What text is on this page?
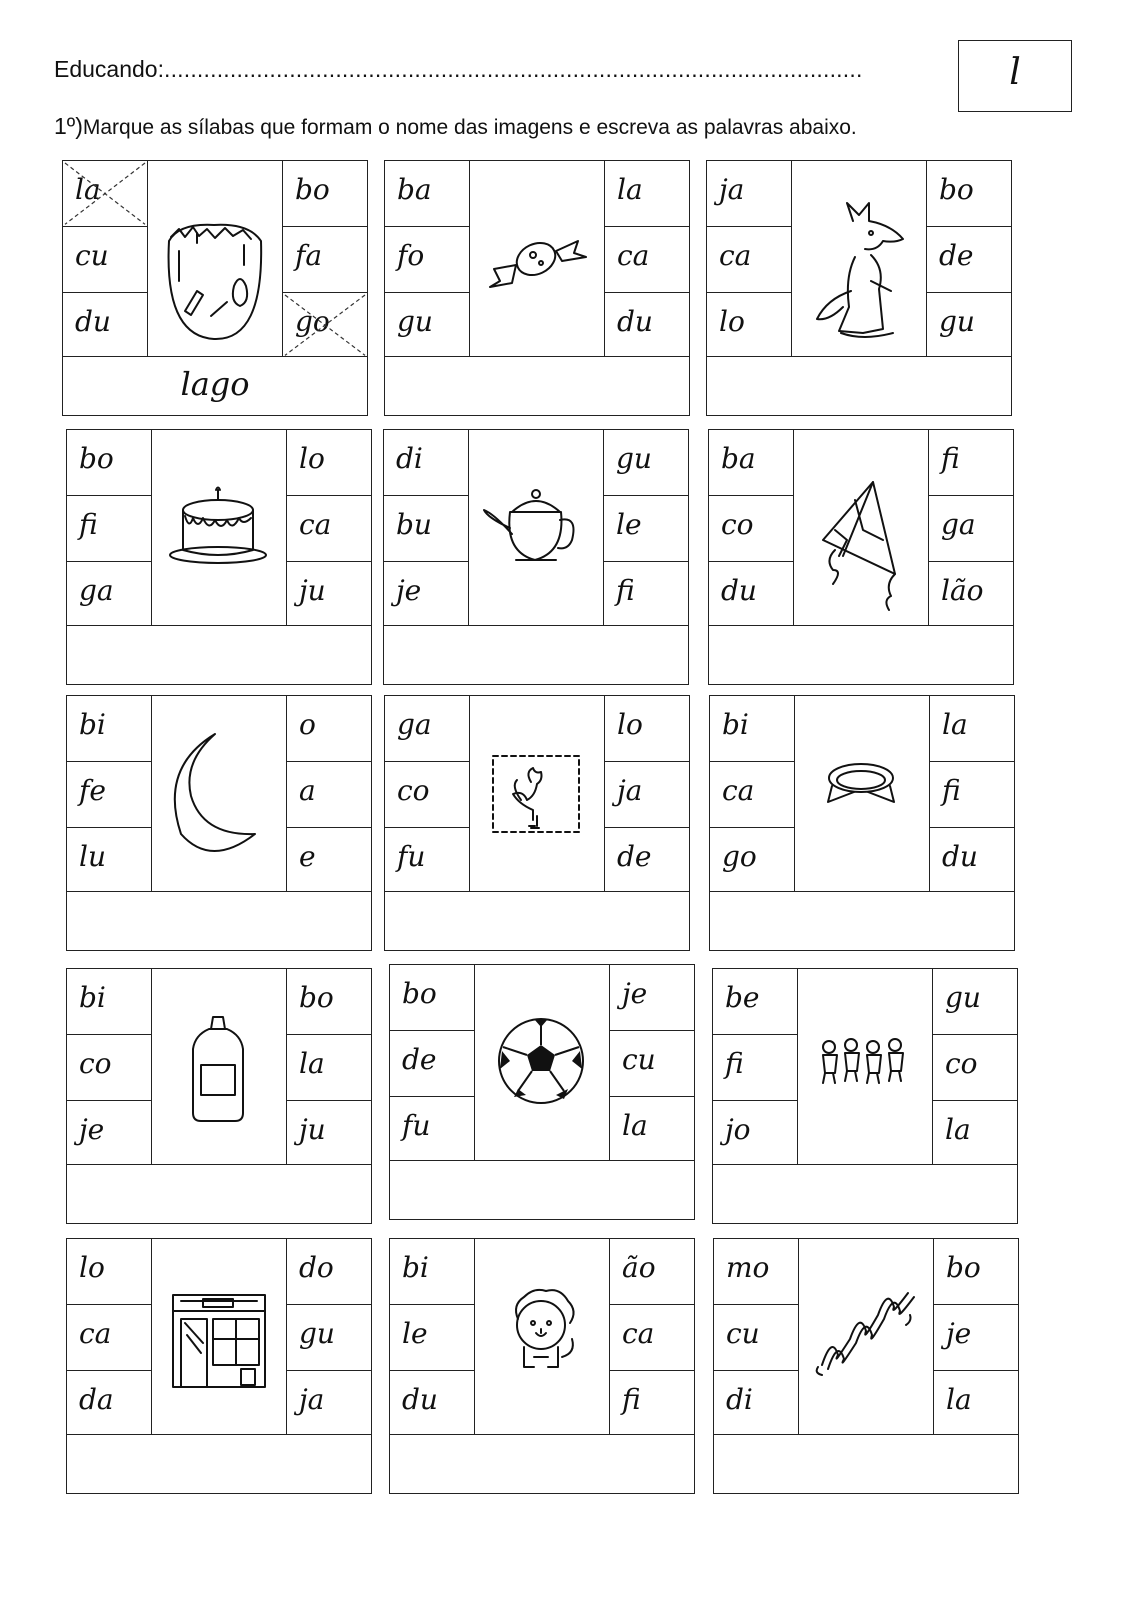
Educando:..........................................................................................................	l
1º)Marque as sílabas que formam o nome das imagens e escreva as palavras abaixo.
la
cu
du
bo
fa
go
lago
ba
fo
gu
la
ca
du
ja
ca
lo
bo
de
gu
bo
fi
ga
lo
ca
ju
di
bu
je
gu
le
fi
ba
co
du
fi
ga
lão
bi
fe
lu
o
a
e
ga
co
fu
lo
ja
de
bi
ca
go
la
fi
du
bi
co
je
bo
la
ju
bo
de
fu
je
cu
la
be
fi
jo
gu
co
la
lo
ca
da
do
gu
ja
bi
le
du
ão
ca
fi
mo
cu
di
bo
je
la
